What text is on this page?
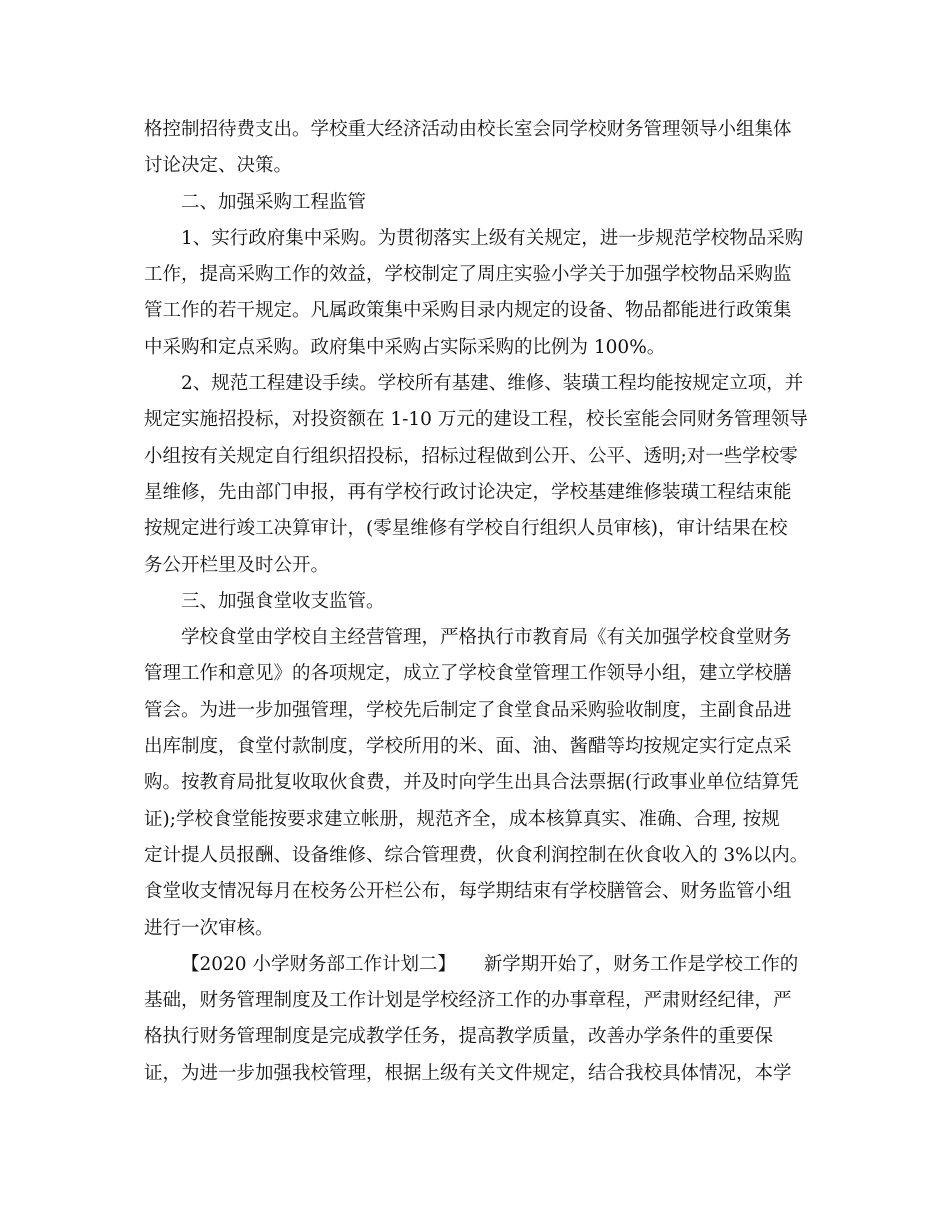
格控制招待费支出。学校重大经济活动由校长室会同学校财务管理领导小组集体
讨论决定、决策。

二、加强采购工程监管

1、实行政府集中采购。为贯彻落实上级有关规定，进一步规范学校物品采购
工作，提高采购工作的效益，学校制定了周庄实验小学关于加强学校物品采购监
管工作的若干规定。凡属政策集中采购目录内规定的设备、物品都能进行政策集
中采购和定点采购。政府集中采购占实际采购的比例为 100%。

2、规范工程建设手续。学校所有基建、维修、装璜工程均能按规定立项，并
规定实施招投标，对投资额在 1-10 万元的建设工程，校长室能会同财务管理领导
小组按有关规定自行组织招投标，招标过程做到公开、公平、透明;对一些学校零
星维修，先由部门申报，再有学校行政讨论决定，学校基建维修装璜工程结束能
按规定进行竣工决算审计，(零星维修有学校自行组织人员审核)，审计结果在校
务公开栏里及时公开。

三、加强食堂收支监管。

学校食堂由学校自主经营管理，严格执行市教育局《有关加强学校食堂财务
管理工作和意见》的各项规定，成立了学校食堂管理工作领导小组，建立学校膳
管会。为进一步加强管理，学校先后制定了食堂食品采购验收制度，主副食品进
出库制度，食堂付款制度，学校所用的米、面、油、酱醋等均按规定实行定点采
购。按教育局批复收取伙食费，并及时向学生出具合法票据(行政事业单位结算凭
证);学校食堂能按要求建立帐册，规范齐全，成本核算真实、准确、合理, 按规
定计提人员报酬、设备维修、综合管理费，伙食利润控制在伙食收入的 3%以内。
食堂收支情况每月在校务公开栏公布，每学期结束有学校膳管会、财务监管小组
进行一次审核。

【2020 小学财务部工作计划二】　　新学期开始了，财务工作是学校工作的
基础，财务管理制度及工作计划是学校经济工作的办事章程，严肃财经纪律，严
格执行财务管理制度是完成教学任务，提高教学质量，改善办学条件的重要保
证，为进一步加强我校管理，根据上级有关文件规定，结合我校具体情况，本学
